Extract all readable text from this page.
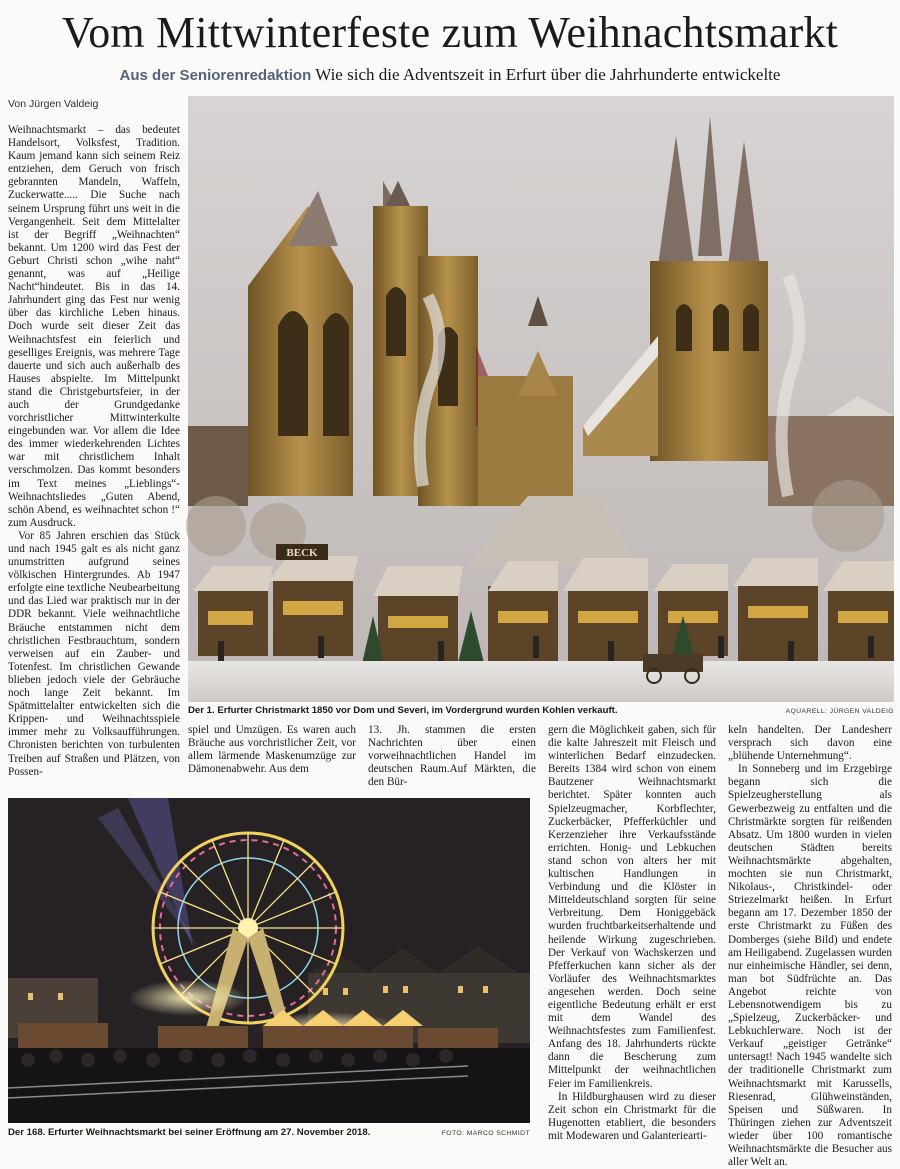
Vom Mittwinterfeste zum Weihnachtsmarkt
Aus der Seniorenredaktion Wie sich die Adventszeit in Erfurt über die Jahrhunderte entwickelte
Von Jürgen Valdeig

Weihnachtsmarkt – das bedeutet Handelsort, Volksfest, Tradition. Kaum jemand kann sich seinem Reiz entziehen, dem Geruch von frisch gebrannten Mandeln, Waffeln, Zuckerwatte..... Die Suche nach seinem Ursprung führt uns weit in die Vergangenheit. Seit dem Mittelalter ist der Begriff „Weihnachten“ bekannt. Um 1200 wird das Fest der Geburt Christi schon „wihe naht“ genannt, was auf „Heilige Nacht“hindeutet. Bis in das 14. Jahrhundert ging das Fest nur wenig über das kirchliche Leben hinaus. Doch wurde seit dieser Zeit das Weihnachtsfest ein feierlich und geselliges Ereignis, was mehrere Tage dauerte und sich auch außerhalb des Hauses abspielte. Im Mittelpunkt stand die Christgeburtsfeier, in der auch der Grundgedanke vorchristlicher Mittwinterkulte eingebunden war. Vor allem die Idee des immer wiederkehrenden Lichtes war mit christlichem Inhalt verschmolzen. Das kommt besonders im Text meines „Lieblings“-Weihnachtsliedes „Guten Abend, schön Abend, es weihnachtet schon !“ zum Ausdruck.

Vor 85 Jahren erschien das Stück und nach 1945 galt es als nicht ganz unumstritten aufgrund seines völkischen Hintergrundes. Ab 1947 erfolgte eine textliche Neubearbeitung und das Lied war praktisch nur in der DDR bekannt. Viele weihnachtliche Bräuche entstammen nicht dem christlichen Festbrauchtum, sondern verweisen auf ein Zauber- und Totenfest. Im christlichen Gewande blieben jedoch viele der Gebräuche noch lange Zeit bekannt. Im Spätmittelalter entwickelten sich die Krippen- und Weihnachtsspiele immer mehr zu Volksaufführungen. Chronisten berichten von turbulenten Treiben auf Straßen und Plätzen, von Possen-

BECK
Der 1. Erfurter Christmarkt 1850 vor Dom und Severi, im Vordergrund wurden Kohlen verkauft.	AQUARELL: JÜRGEN VALDEIG

spiel und Umzügen. Es waren auch Bräuche aus vorchristlicher Zeit, vor allem lärmende Maskenumzüge zur Dämonenabwehr. Aus dem

13. Jh. stammen die ersten Nachrichten über einen vorweihnachtlichen Handel im deutschen Raum.Auf Märkten, die den Bür-

Der 168. Erfurter Weihnachtsmarkt bei seiner Eröffnung am 27. November 2018.	FOTO: MARCO SCHMIDT

gern die Möglichkeit gaben, sich für die kalte Jahreszeit mit Fleisch und winterlichen Bedarf einzudecken. Bereits 1384 wird schon von einem Bautzener Weihnachtsmarkt berichtet. Später konnten auch Spielzeugmacher, Korbflechter, Zuckerbäcker, Pfefferküchler und Kerzenzieher ihre Verkaufsstände errichten. Honig- und Lebkuchen stand schon von alters her mit kultischen Handlungen in Verbindung und die Klöster in Mitteldeutschland sorgten für seine Verbreitung. Dem Honiggebäck wurden fruchtbarkeitserhaltende und heilende Wirkung zugeschrieben. Der Verkauf von Wachskerzen und Pfefferkuchen kann sicher als der Vorläufer des Weihnachtsmarktes angesehen werden. Doch seine eigentliche Bedeutung erhält er erst mit dem Wandel des Weihnachtsfestes zum Familienfest. Anfang des 18. Jahrhunderts rückte dann die Bescherung zum Mittelpunkt der weihnachtlichen Feier im Familienkreis.

In Hildburghausen wird zu dieser Zeit schon ein Christmarkt für die Hugenotten etabliert, die besonders mit Modewaren und Galanteriearti-

keln handelten. Der Landesherr versprach sich davon eine „blühende Unternehmung“.

In Sonneberg und im Erzgebirge begann sich die Spielzeugherstellung als Gewerbezweig zu entfalten und die Christmärkte sorgten für reißenden Absatz. Um 1800 wurden in vielen deutschen Städten bereits Weihnachtsmärkte abgehalten, mochten sie nun Christmarkt, Nikolaus-, Christkindel- oder Striezelmarkt heißen. In Erfurt begann am 17. Dezember 1850 der erste Christmarkt zu Füßen des Domberges (siehe Bild) und endete am Heiligabend. Zugelassen wurden nur einheimische Händler, sei denn, man bot Südfrüchte an. Das Angebot reichte von Lebensnotwendigem bis zu „Spielzeug, Zuckerbäcker- und Lebkuchlerware. Noch ist der Verkauf „geistiger Getränke“ untersagt! Nach 1945 wandelte sich der traditionelle Christmarkt zum Weihnachtsmarkt mit Karussells, Riesenrad, Glühweinständen, Speisen und Süßwaren. In Thüringen ziehen zur Adventszeit wieder über 100 romantische Weihnachtsmärkte die Besucher aus aller Welt an.
